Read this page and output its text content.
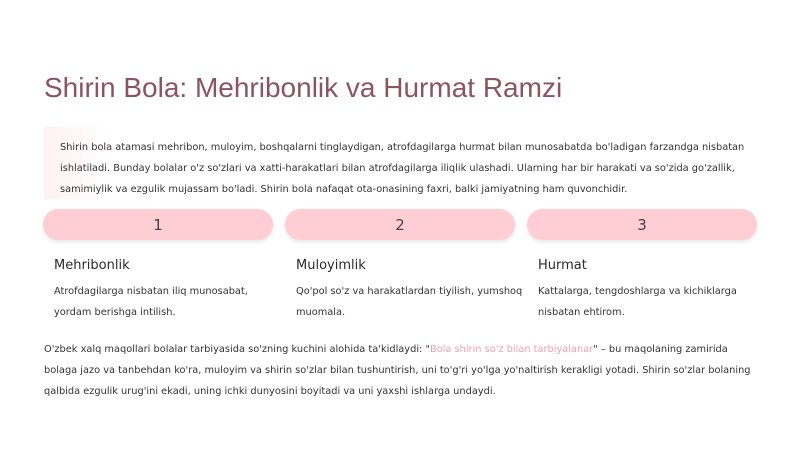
Shirin Bola: Mehribonlik va Hurmat Ramzi

Shirin bola atamasi mehribon, muloyim, boshqalarni tinglaydigan, atrofdagilarga hurmat bilan munosabatda bo'ladigan farzandga nisbatan ishlatiladi. Bunday bolalar o'z so'zlari va xatti-harakatlari bilan atrofdagilarga iliqlik ulashadi. Ularning har bir harakati va so'zida go'zallik, samimiylik va ezgulik mujassam bo'ladi. Shirin bola nafaqat ota-onasining faxri, balki jamiyatning ham quvonchidir.

1	2	3
Mehribonlik	Muloyimlik	Hurmat

Atrofdagilarga nisbatan iliq munosabat, yordam berishga intilish.

Qo'pol so'z va harakatlardan tiyilish, yumshoq muomala.

Kattalarga, tengdoshlarga va kichiklarga nisbatan ehtirom.

O'zbek xalq maqollari bolalar tarbiyasida so'zning kuchini alohida ta'kidlaydi: "Bola shirin so'z bilan tarbiyalanar" – bu maqolaning zamirida bolaga jazo va tanbehdan ko'ra, muloyim va shirin so'zlar bilan tushuntirish, uni to'g'ri yo'lga yo'naltirish kerakligi yotadi. Shirin so'zlar bolaning qalbida ezgulik urug'ini ekadi, uning ichki dunyosini boyitadi va uni yaxshi ishlarga undaydi.
